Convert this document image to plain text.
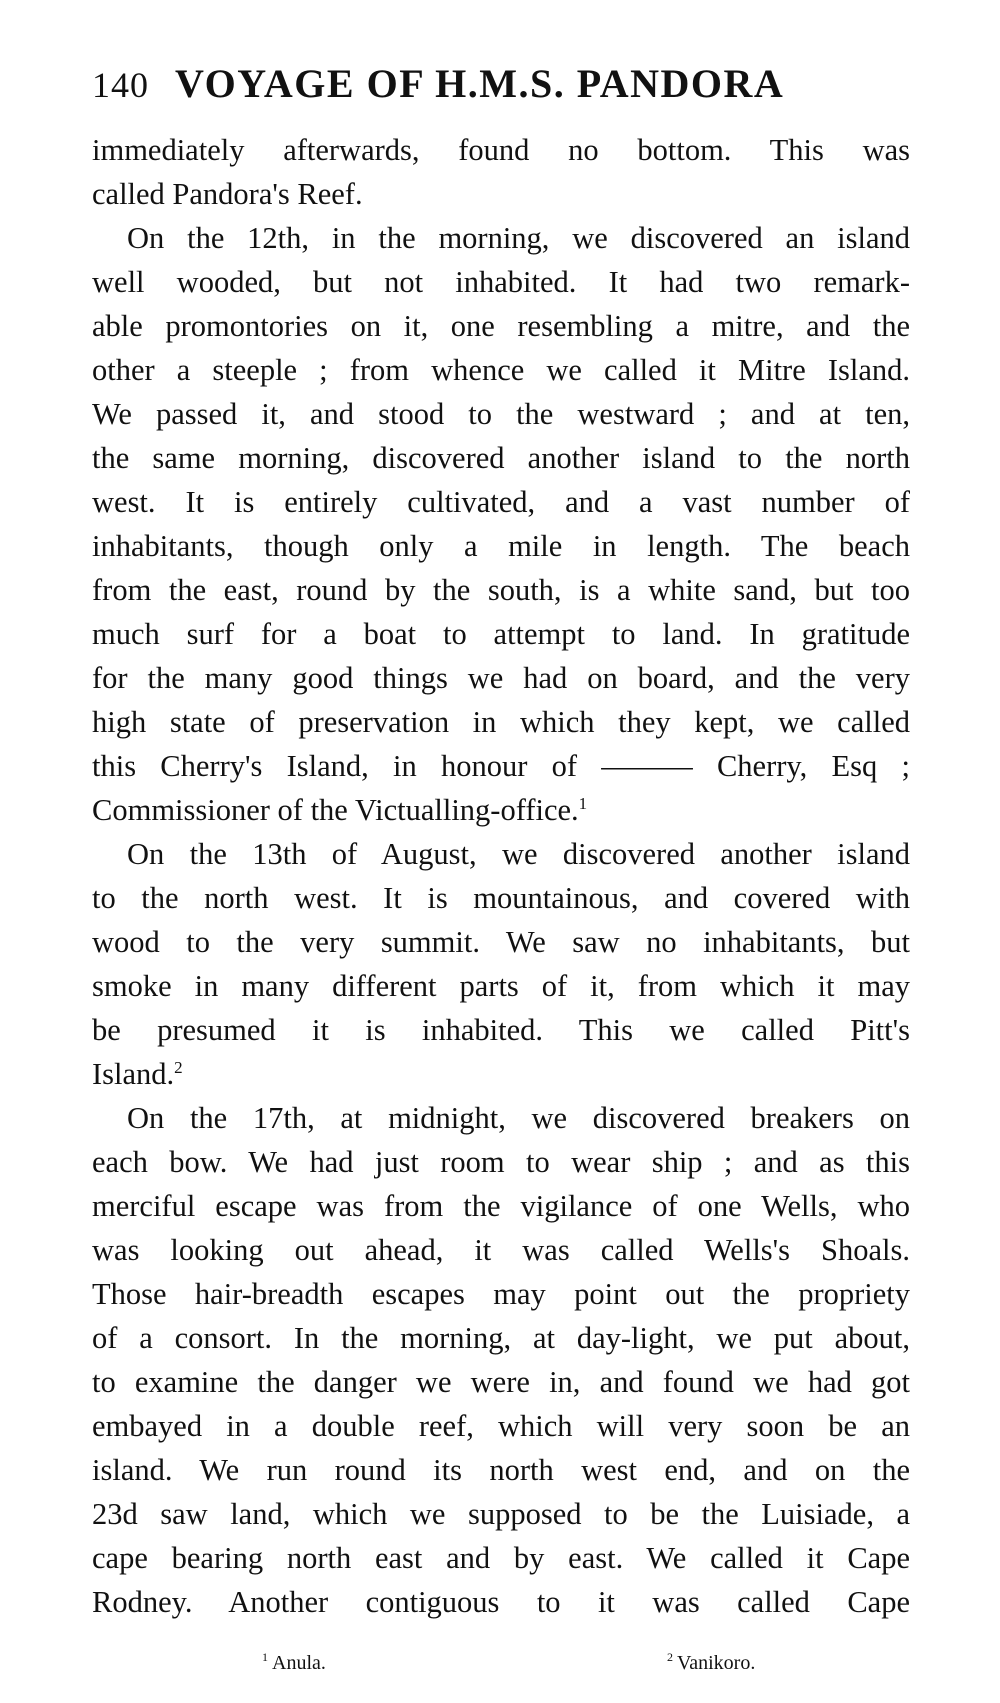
140 VOYAGE OF H.M.S. PANDORA
immediately afterwards, found no bottom. This was
called Pandora's Reef.
On the 12th, in the morning, we discovered an island
well wooded, but not inhabited. It had two remark-
able promontories on it, one resembling a mitre, and the
other a steeple ; from whence we called it Mitre Island.
We passed it, and stood to the westward ; and at ten,
the same morning, discovered another island to the north
west. It is entirely cultivated, and a vast number of
inhabitants, though only a mile in length. The beach
from the east, round by the south, is a white sand, but too
much surf for a boat to attempt to land. In gratitude
for the many good things we had on board, and the very
high state of preservation in which they kept, we called
this Cherry's Island, in honour of ——— Cherry, Esq ;
Commissioner of the Victualling-office.$^1$
On the 13th of August, we discovered another island
to the north west. It is mountainous, and covered with
wood to the very summit. We saw no inhabitants, but
smoke in many different parts of it, from which it may
be presumed it is inhabited. This we called Pitt's
Island.$^2$
On the 17th, at midnight, we discovered breakers on
each bow. We had just room to wear ship ; and as this
merciful escape was from the vigilance of one Wells, who
was looking out ahead, it was called Wells's Shoals.
Those hair-breadth escapes may point out the propriety
of a consort. In the morning, at day-light, we put about,
to examine the danger we were in, and found we had got
embayed in a double reef, which will very soon be an
island. We run round its north west end, and on the
23d saw land, which we supposed to be the Luisiade, a
cape bearing north east and by east. We called it Cape
Rodney. Another contiguous to it was called Cape
$^1$ Anula.	$^2$ Vanikoro.
